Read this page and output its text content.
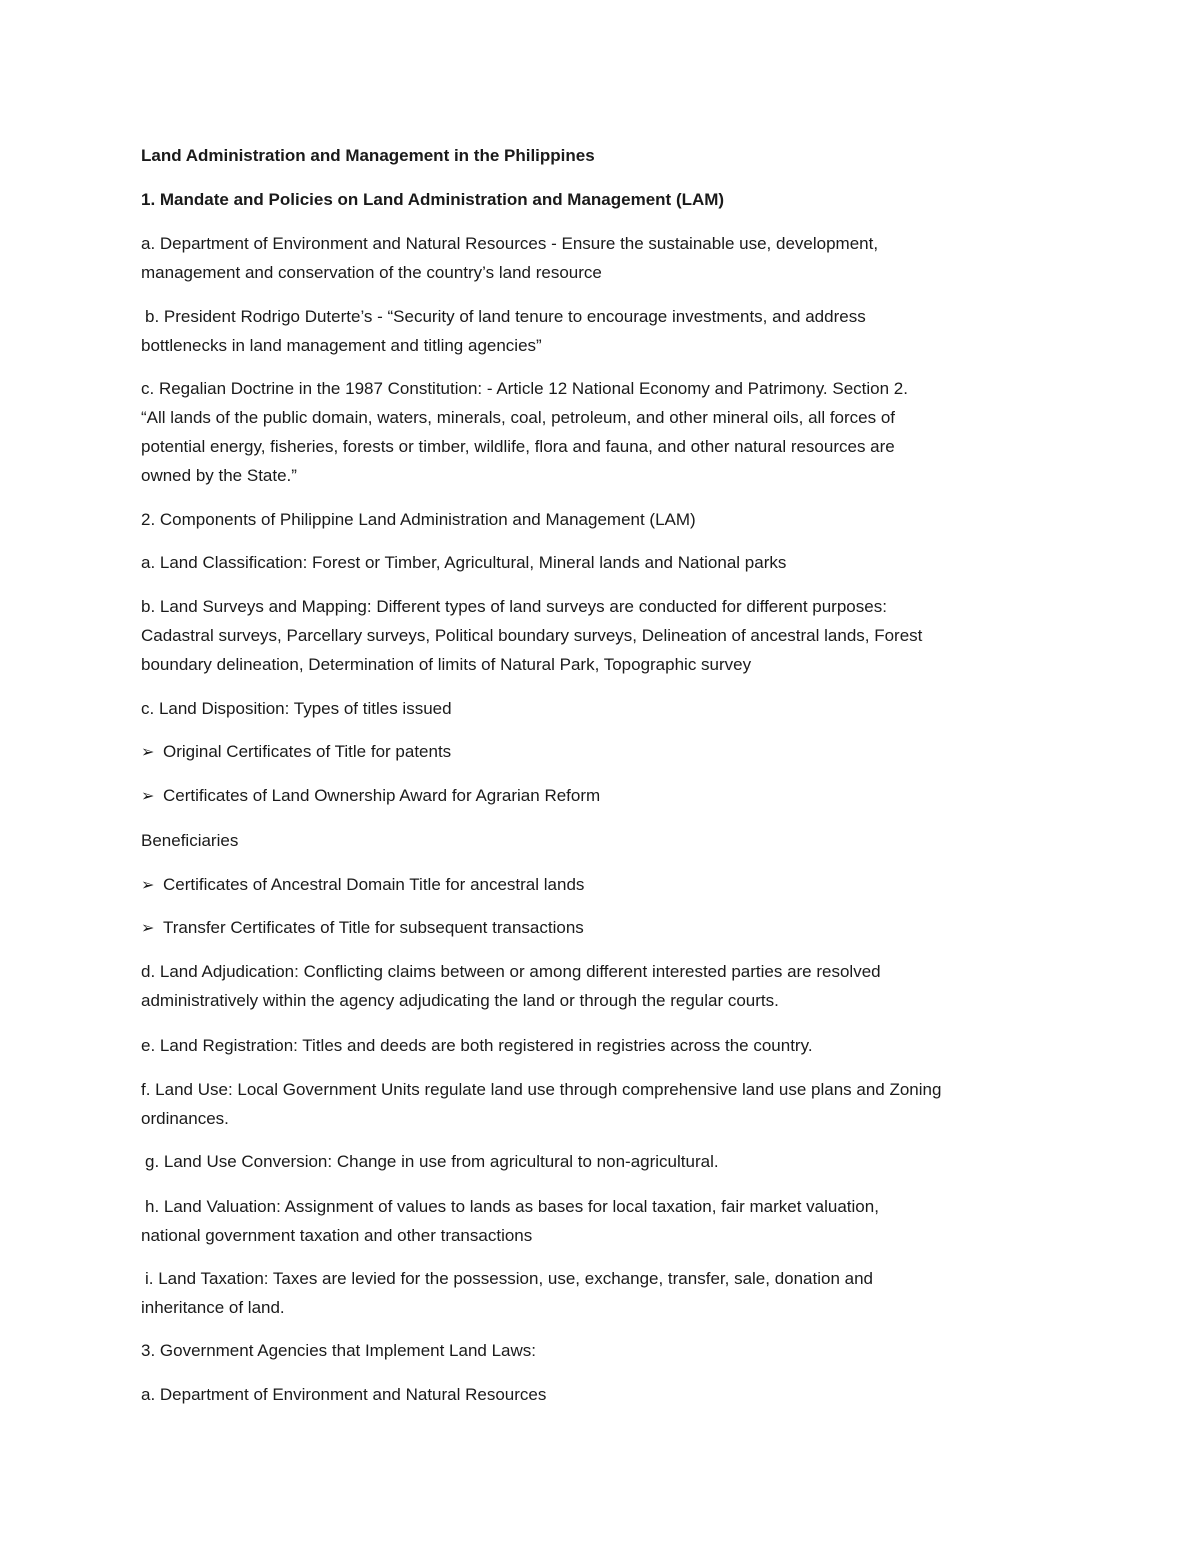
Land Administration and Management in the Philippines

1. Mandate and Policies on Land Administration and Management (LAM)

a. Department of Environment and Natural Resources - Ensure the sustainable use, development,
management and conservation of the country’s land resource

b. President Rodrigo Duterte’s - “Security of land tenure to encourage investments, and address
bottlenecks in land management and titling agencies”

c. Regalian Doctrine in the 1987 Constitution: - Article 12 National Economy and Patrimony. Section 2.
“All lands of the public domain, waters, minerals, coal, petroleum, and other mineral oils, all forces of
potential energy, fisheries, forests or timber, wildlife, flora and fauna, and other natural resources are
owned by the State.”

2. Components of Philippine Land Administration and Management (LAM)

a. Land Classification: Forest or Timber, Agricultural, Mineral lands and National parks

b. Land Surveys and Mapping: Different types of land surveys are conducted for different purposes:
Cadastral surveys, Parcellary surveys, Political boundary surveys, Delineation of ancestral lands, Forest
boundary delineation, Determination of limits of Natural Park, Topographic survey

c. Land Disposition: Types of titles issued

➢ Original Certificates of Title for patents

➢ Certificates of Land Ownership Award for Agrarian Reform

Beneficiaries

➢ Certificates of Ancestral Domain Title for ancestral lands

➢ Transfer Certificates of Title for subsequent transactions

d. Land Adjudication: Conflicting claims between or among different interested parties are resolved
administratively within the agency adjudicating the land or through the regular courts.

e. Land Registration: Titles and deeds are both registered in registries across the country.

f. Land Use: Local Government Units regulate land use through comprehensive land use plans and Zoning
ordinances.

g. Land Use Conversion: Change in use from agricultural to non-agricultural.

h. Land Valuation: Assignment of values to lands as bases for local taxation, fair market valuation,
national government taxation and other transactions

i. Land Taxation: Taxes are levied for the possession, use, exchange, transfer, sale, donation and
inheritance of land.

3. Government Agencies that Implement Land Laws:

a. Department of Environment and Natural Resources
